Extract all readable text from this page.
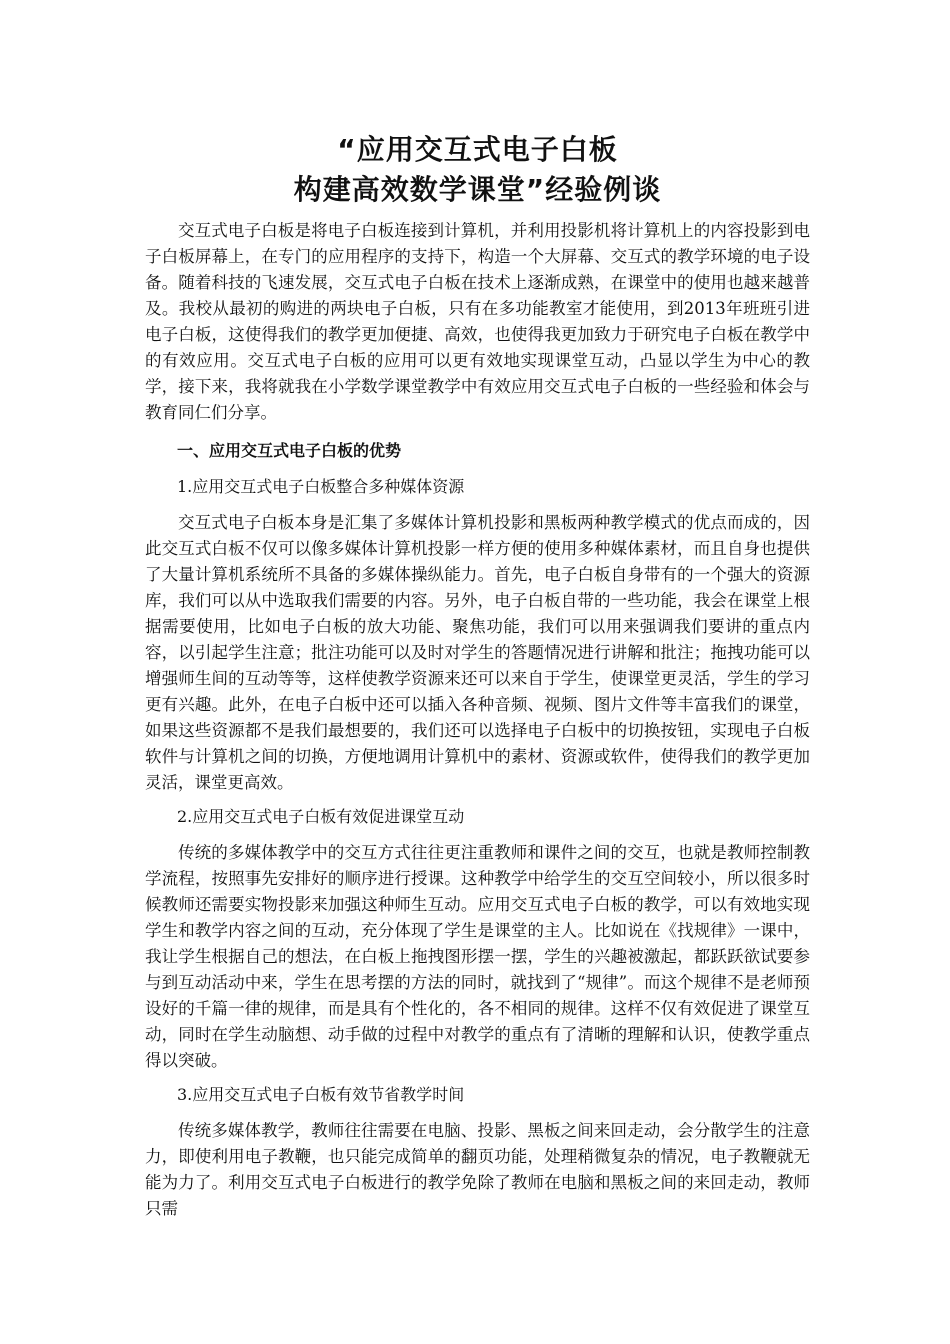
“应用交互式电子白板
构建高效数学课堂”经验例谈

交互式电子白板是将电子白板连接到计算机，并利用投影机将计算机上的内容投影到电子白板屏幕上，在专门的应用程序的支持下，构造一个大屏幕、交互式的教学环境的电子设备。随着科技的飞速发展，交互式电子白板在技术上逐渐成熟，在课堂中的使用也越来越普及。我校从最初的购进的两块电子白板，只有在多功能教室才能使用，到2013年班班引进电子白板，这使得我们的教学更加便捷、高效，也使得我更加致力于研究电子白板在教学中的有效应用。交互式电子白板的应用可以更有效地实现课堂互动，凸显以学生为中心的教学，接下来，我将就我在小学数学课堂教学中有效应用交互式电子白板的一些经验和体会与教育同仁们分享。

一、应用交互式电子白板的优势
1.应用交互式电子白板整合多种媒体资源

交互式电子白板本身是汇集了多媒体计算机投影和黑板两种教学模式的优点而成的，因此交互式白板不仅可以像多媒体计算机投影一样方便的使用多种媒体素材，而且自身也提供了大量计算机系统所不具备的多媒体操纵能力。首先，电子白板自身带有的一个强大的资源库，我们可以从中选取我们需要的内容。另外，电子白板自带的一些功能，我会在课堂上根据需要使用，比如电子白板的放大功能、聚焦功能，我们可以用来强调我们要讲的重点内容，以引起学生注意；批注功能可以及时对学生的答题情况进行讲解和批注；拖拽功能可以增强师生间的互动等等，这样使教学资源来还可以来自于学生，使课堂更灵活，学生的学习更有兴趣。此外，在电子白板中还可以插入各种音频、视频、图片文件等丰富我们的课堂，如果这些资源都不是我们最想要的，我们还可以选择电子白板中的切换按钮，实现电子白板软件与计算机之间的切换，方便地调用计算机中的素材、资源或软件，使得我们的教学更加灵活，课堂更高效。

2.应用交互式电子白板有效促进课堂互动

传统的多媒体教学中的交互方式往往更注重教师和课件之间的交互，也就是教师控制教学流程，按照事先安排好的顺序进行授课。这种教学中给学生的交互空间较小，所以很多时候教师还需要实物投影来加强这种师生互动。应用交互式电子白板的教学，可以有效地实现学生和教学内容之间的互动，充分体现了学生是课堂的主人。比如说在《找规律》一课中，我让学生根据自己的想法，在白板上拖拽图形摆一摆，学生的兴趣被激起，都跃跃欲试要参与到互动活动中来，学生在思考摆的方法的同时，就找到了“规律”。而这个规律不是老师预设好的千篇一律的规律，而是具有个性化的，各不相同的规律。这样不仅有效促进了课堂互动，同时在学生动脑想、动手做的过程中对教学的重点有了清晰的理解和认识，使教学重点得以突破。

3.应用交互式电子白板有效节省教学时间

传统多媒体教学，教师往往需要在电脑、投影、黑板之间来回走动，会分散学生的注意力，即使利用电子教鞭，也只能完成简单的翻页功能，处理稍微复杂的情况，电子教鞭就无能为力了。利用交互式电子白板进行的教学免除了教师在电脑和黑板之间的来回走动，教师只需
